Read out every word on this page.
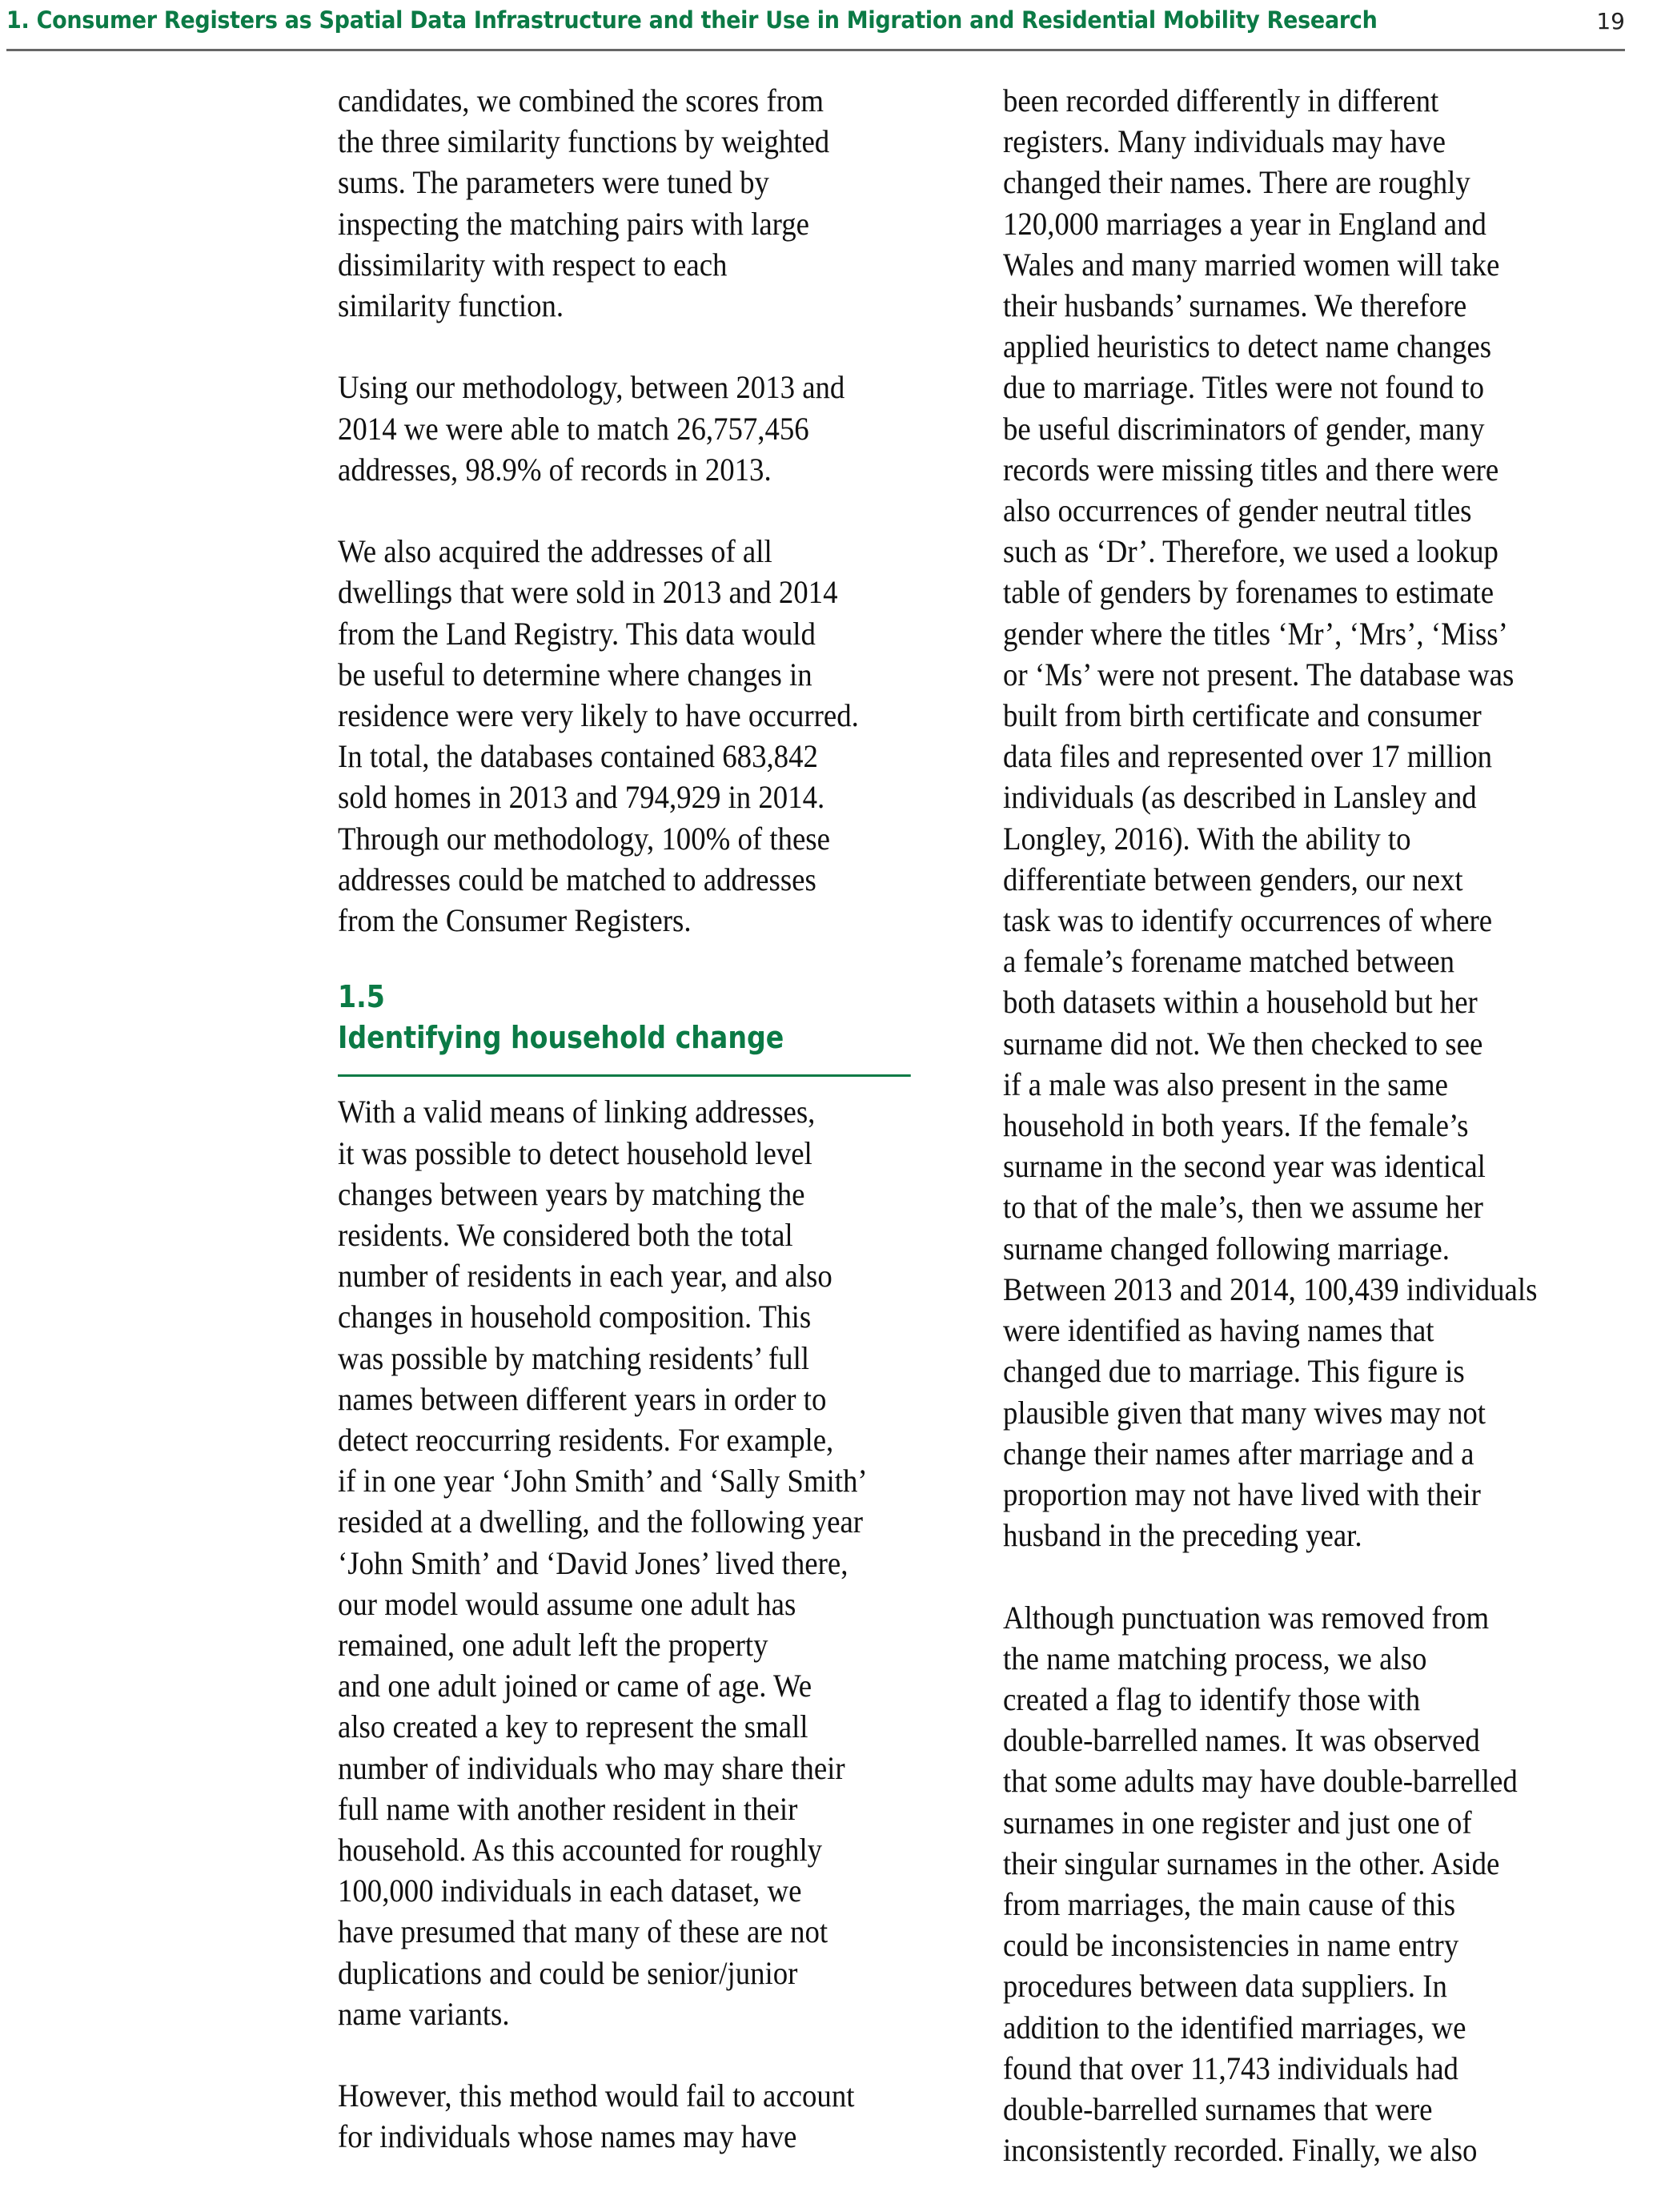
1. Consumer Registers as Spatial Data Infrastructure and their Use in Migration and Residential Mobility Research	19

candidates, we combined the scores from
the three similarity functions by weighted
sums. The parameters were tuned by
inspecting the matching pairs with large
dissimilarity with respect to each
similarity function.

Using our methodology, between 2013 and
2014 we were able to match 26,757,456
addresses, 98.9% of records in 2013.

We also acquired the addresses of all
dwellings that were sold in 2013 and 2014
from the Land Registry. This data would
be useful to determine where changes in
residence were very likely to have occurred.
In total, the databases contained 683,842
sold homes in 2013 and 794,929 in 2014.
Through our methodology, 100% of these
addresses could be matched to addresses
from the Consumer Registers.

1.5
Identifying household change

With a valid means of linking addresses,
it was possible to detect household level
changes between years by matching the
residents. We considered both the total
number of residents in each year, and also
changes in household composition. This
was possible by matching residents’ full
names between different years in order to
detect reoccurring residents. For example,
if in one year ‘John Smith’ and ‘Sally Smith’
resided at a dwelling, and the following year
‘John Smith’ and ‘David Jones’ lived there,
our model would assume one adult has
remained, one adult left the property
and one adult joined or came of age. We
also created a key to represent the small
number of individuals who may share their
full name with another resident in their
household. As this accounted for roughly
100,000 individuals in each dataset, we
have presumed that many of these are not
duplications and could be senior/junior
name variants.

However, this method would fail to account
for individuals whose names may have

been recorded differently in different
registers. Many individuals may have
changed their names. There are roughly
120,000 marriages a year in England and
Wales and many married women will take
their husbands’ surnames. We therefore
applied heuristics to detect name changes
due to marriage. Titles were not found to
be useful discriminators of gender, many
records were missing titles and there were
also occurrences of gender neutral titles
such as ‘Dr’. Therefore, we used a lookup
table of genders by forenames to estimate
gender where the titles ‘Mr’, ‘Mrs’, ‘Miss’
or ‘Ms’ were not present. The database was
built from birth certificate and consumer
data files and represented over 17 million
individuals (as described in Lansley and
Longley, 2016). With the ability to
differentiate between genders, our next
task was to identify occurrences of where
a female’s forename matched between
both datasets within a household but her
surname did not. We then checked to see
if a male was also present in the same
household in both years. If the female’s
surname in the second year was identical
to that of the male’s, then we assume her
surname changed following marriage.
Between 2013 and 2014, 100,439 individuals
were identified as having names that
changed due to marriage. This figure is
plausible given that many wives may not
change their names after marriage and a
proportion may not have lived with their
husband in the preceding year.

Although punctuation was removed from
the name matching process, we also
created a flag to identify those with
double-barrelled names. It was observed
that some adults may have double-barrelled
surnames in one register and just one of
their singular surnames in the other. Aside
from marriages, the main cause of this
could be inconsistencies in name entry
procedures between data suppliers. In
addition to the identified marriages, we
found that over 11,743 individuals had
double-barrelled surnames that were
inconsistently recorded. Finally, we also
